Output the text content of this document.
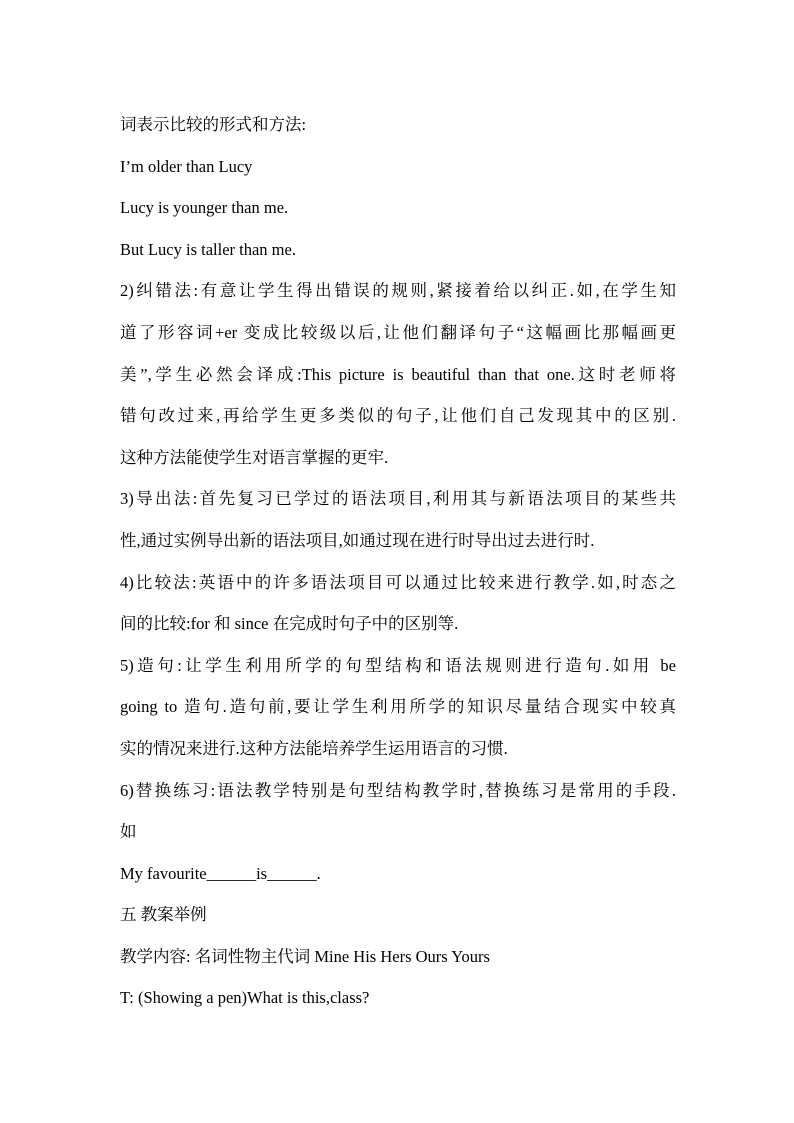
词表示比较的形式和方法:
I’m older than Lucy
Lucy is younger than me.
But Lucy is taller than me.
2)纠错法:有意让学生得出错误的规则,紧接着给以纠正.如,在学生知
道了形容词+er 变成比较级以后,让他们翻译句子“这幅画比那幅画更
美”,学生必然会译成:This picture is beautiful than that one.这时老师将
错句改过来,再给学生更多类似的句子,让他们自己发现其中的区别.
这种方法能使学生对语言掌握的更牢.
3)导出法:首先复习已学过的语法项目,利用其与新语法项目的某些共
性,通过实例导出新的语法项目,如通过现在进行时导出过去进行时.
4)比较法:英语中的许多语法项目可以通过比较来进行教学.如,时态之
间的比较:for 和 since 在完成时句子中的区别等.
5)造句:让学生利用所学的句型结构和语法规则进行造句.如用 be
going to 造句.造句前,要让学生利用所学的知识尽量结合现实中较真
实的情况来进行.这种方法能培养学生运用语言的习惯.
6)替换练习:语法教学特别是句型结构教学时,替换练习是常用的手段.
如
My favourite______is______.
五 教案举例
教学内容: 名词性物主代词 Mine His Hers Ours Yours
T: (Showing a pen)What is this,class?
